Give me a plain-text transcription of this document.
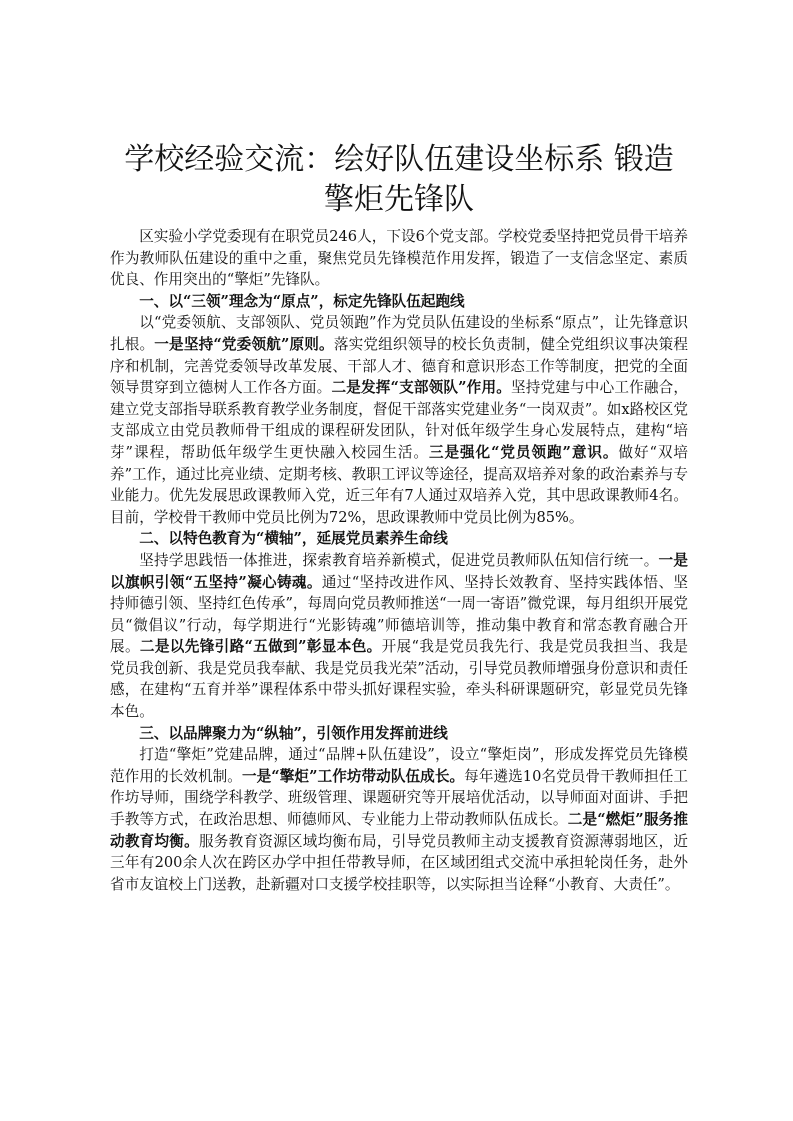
学校经验交流：绘好队伍建设坐标系 锻造擎炬先锋队

区实验小学党委现有在职党员246人，下设6个党支部。学校党委坚持把党员骨干培养作为教师队伍建设的重中之重，聚焦党员先锋模范作用发挥，锻造了一支信念坚定、素质优良、作用突出的“擎炬”先锋队。

一、以“三领”理念为“原点”，标定先锋队伍起跑线

以“党委领航、支部领队、党员领跑”作为党员队伍建设的坐标系“原点”，让先锋意识扎根。一是坚持“党委领航”原则。落实党组织领导的校长负责制，健全党组织议事决策程序和机制，完善党委领导改革发展、干部人才、德育和意识形态工作等制度，把党的全面领导贯穿到立德树人工作各方面。二是发挥“支部领队”作用。坚持党建与中心工作融合，建立党支部指导联系教育教学业务制度，督促干部落实党建业务“一岗双责”。如x路校区党支部成立由党员教师骨干组成的课程研发团队，针对低年级学生身心发展特点，建构“培芽”课程，帮助低年级学生更快融入校园生活。三是强化“党员领跑”意识。做好“双培养”工作，通过比亮业绩、定期考核、教职工评议等途径，提高双培养对象的政治素养与专业能力。优先发展思政课教师入党，近三年有7人通过双培养入党，其中思政课教师4名。目前，学校骨干教师中党员比例为72%，思政课教师中党员比例为85%。

二、以特色教育为“横轴”，延展党员素养生命线

坚持学思践悟一体推进，探索教育培养新模式，促进党员教师队伍知信行统一。一是以旗帜引领“五坚持”凝心铸魂。通过“坚持改进作风、坚持长效教育、坚持实践体悟、坚持师德引领、坚持红色传承”，每周向党员教师推送“一周一寄语”微党课，每月组织开展党员“微倡议”行动，每学期进行“光影铸魂”师德培训等，推动集中教育和常态教育融合开展。二是以先锋引路“五做到”彰显本色。开展“我是党员我先行、我是党员我担当、我是党员我创新、我是党员我奉献、我是党员我光荣”活动，引导党员教师增强身份意识和责任感，在建构“五育并举”课程体系中带头抓好课程实验，牵头科研课题研究，彰显党员先锋本色。

三、以品牌聚力为“纵轴”，引领作用发挥前进线

打造“擎炬”党建品牌，通过“品牌+队伍建设”，设立“擎炬岗”，形成发挥党员先锋模范作用的长效机制。一是“擎炬”工作坊带动队伍成长。每年遴选10名党员骨干教师担任工作坊导师，围绕学科教学、班级管理、课题研究等开展培优活动，以导师面对面讲、手把手教等方式，在政治思想、师德师风、专业能力上带动教师队伍成长。二是“燃炬”服务推动教育均衡。服务教育资源区域均衡布局，引导党员教师主动支援教育资源薄弱地区，近三年有200余人次在跨区办学中担任带教导师，在区域团组式交流中承担轮岗任务，赴外省市友谊校上门送教，赴新疆对口支援学校挂职等，以实际担当诠释“小教育、大责任”。
